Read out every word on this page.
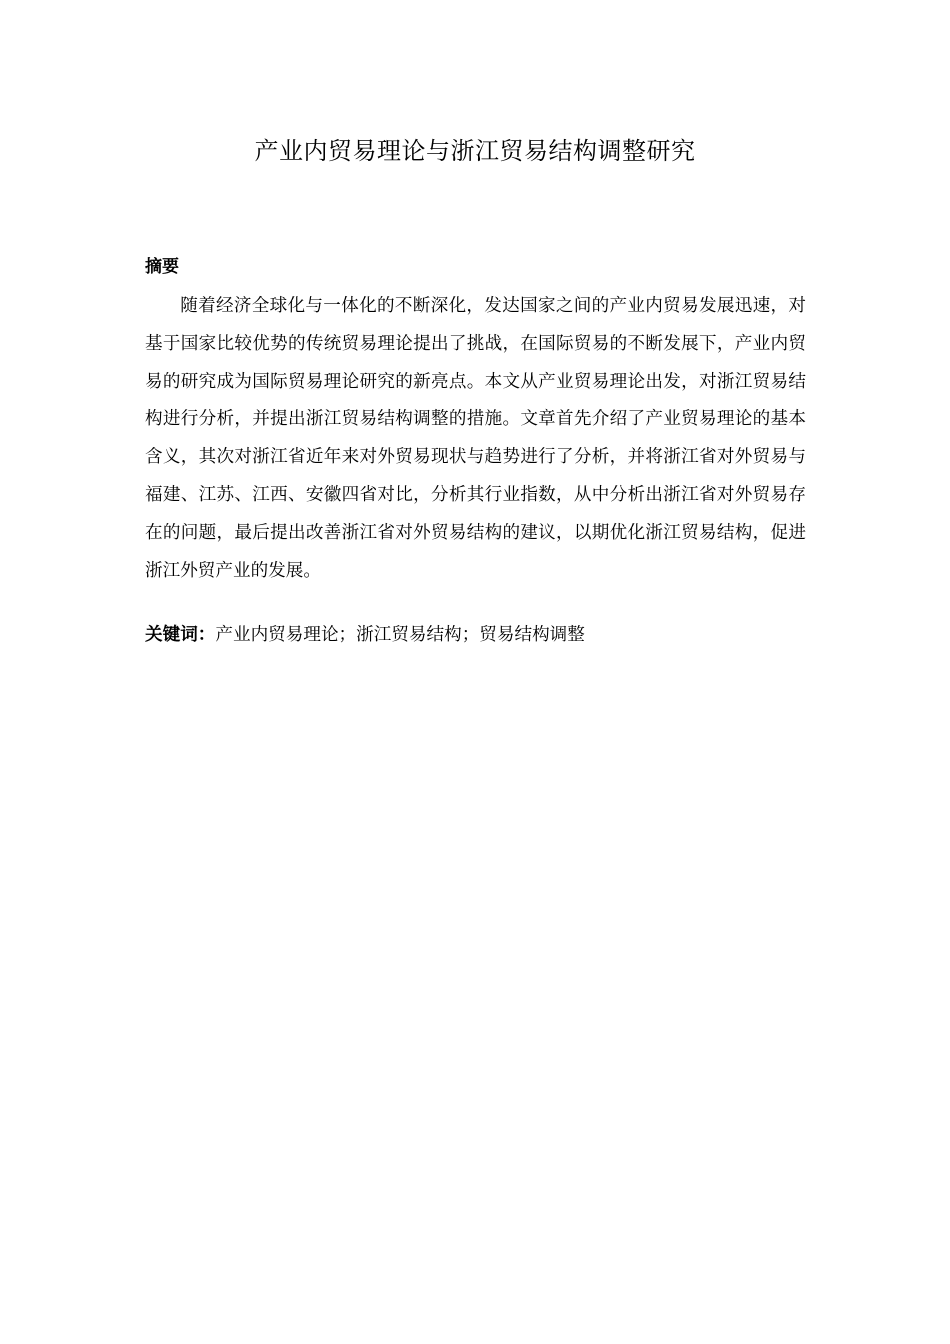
产业内贸易理论与浙江贸易结构调整研究
摘要

随着经济全球化与一体化的不断深化，发达国家之间的产业内贸易发展迅速，对基于国家比较优势的传统贸易理论提出了挑战，在国际贸易的不断发展下，产业内贸易的研究成为国际贸易理论研究的新亮点。本文从产业贸易理论出发，对浙江贸易结构进行分析，并提出浙江贸易结构调整的措施。文章首先介绍了产业贸易理论的基本含义，其次对浙江省近年来对外贸易现状与趋势进行了分析，并将浙江省对外贸易与福建、江苏、江西、安徽四省对比，分析其行业指数，从中分析出浙江省对外贸易存在的问题，最后提出改善浙江省对外贸易结构的建议，以期优化浙江贸易结构，促进浙江外贸产业的发展。

关键词：产业内贸易理论；浙江贸易结构；贸易结构调整
